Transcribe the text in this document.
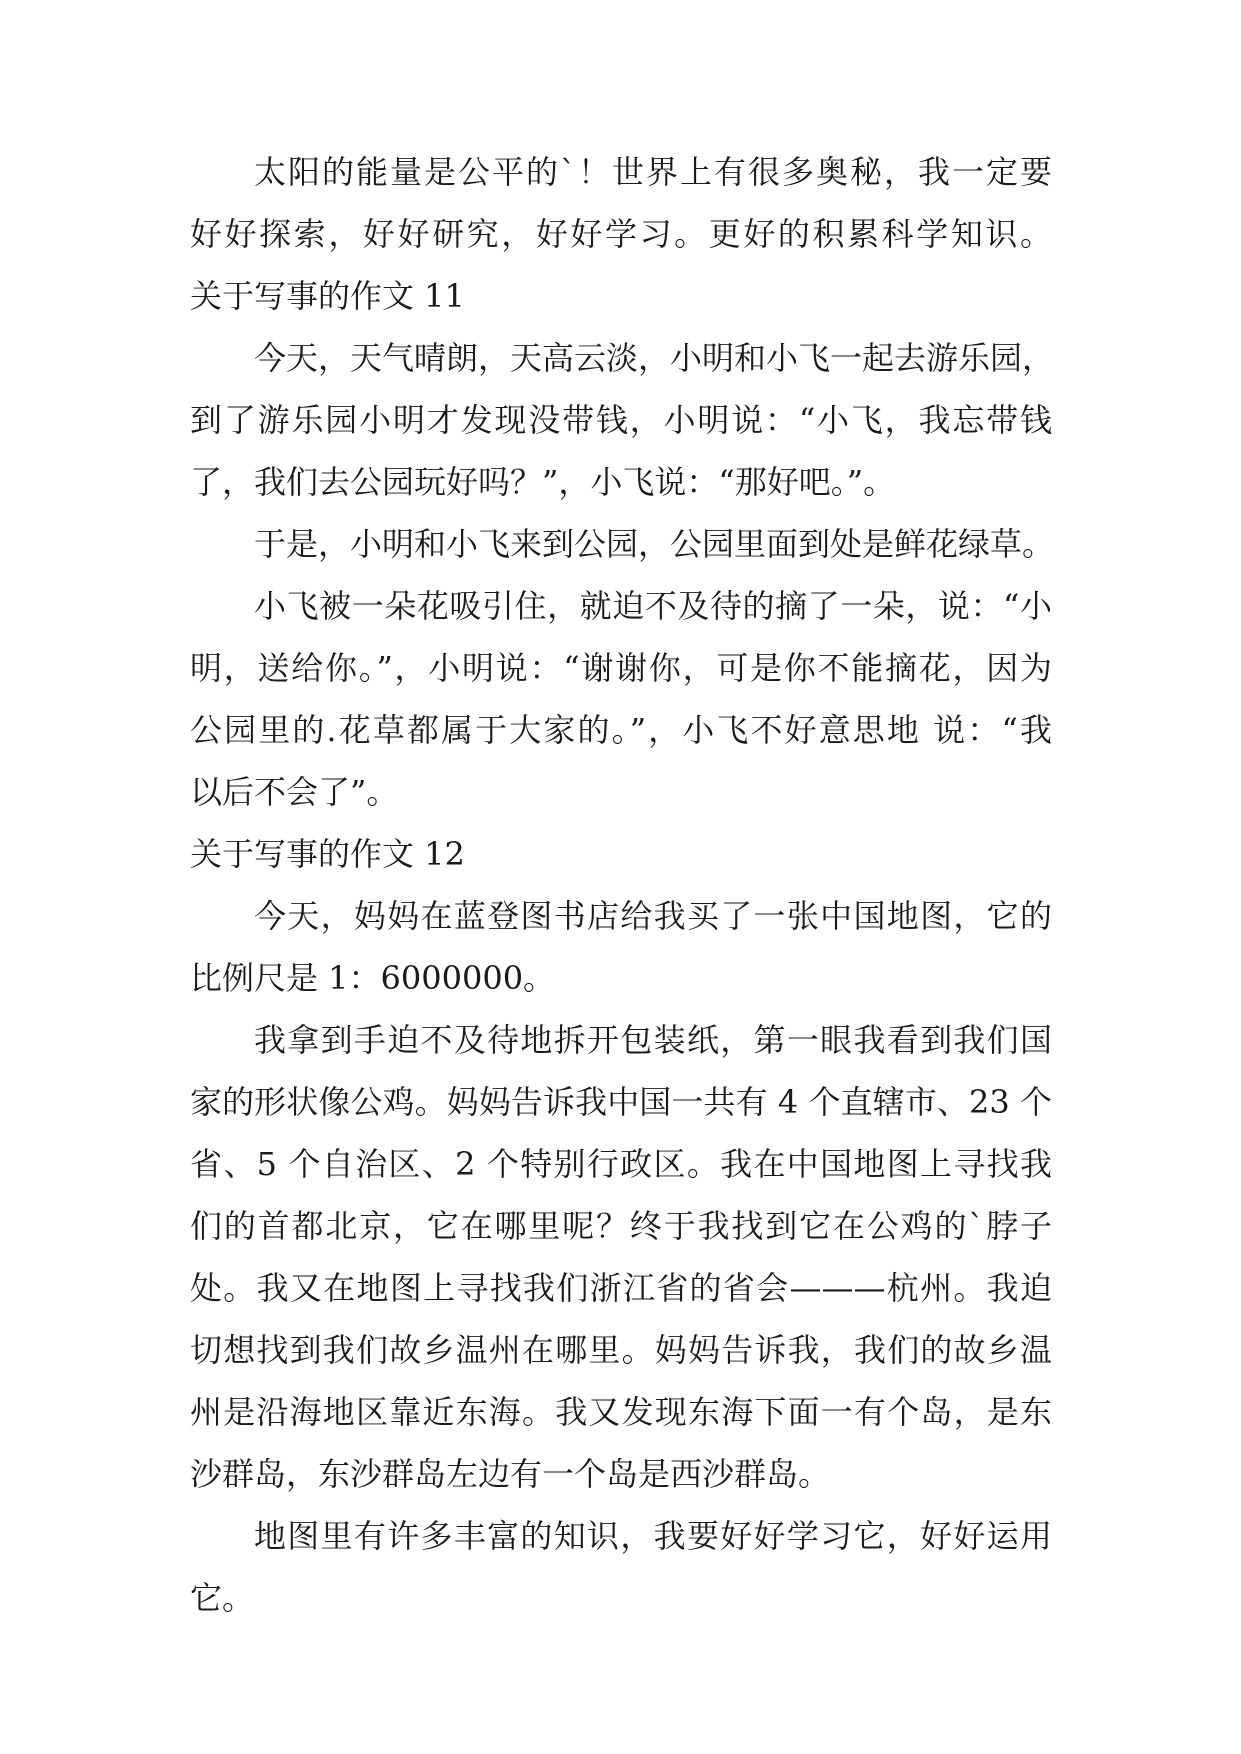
太阳的能量是公平的`！世界上有很多奥秘，我一定要
好好探索，好好研究，好好学习。更好的积累科学知识。
关于写事的作文 11
今天，天气晴朗，天高云淡，小明和小飞一起去游乐园，
到了游乐园小明才发现没带钱，小明说：“小飞，我忘带钱
了，我们去公园玩好吗？”，小飞说：“那好吧。”。
于是，小明和小飞来到公园，公园里面到处是鲜花绿草。
小飞被一朵花吸引住，就迫不及待的摘了一朵，说：“小
明，送给你。”，小明说：“谢谢你，可是你不能摘花，因为
公园里的.花草都属于大家的。”，小飞不好意思地 说：“我
以后不会了”。
关于写事的作文 12
今天，妈妈在蓝登图书店给我买了一张中国地图，它的
比例尺是 1：6000000。
我拿到手迫不及待地拆开包装纸，第一眼我看到我们国
家的形状像公鸡。妈妈告诉我中国一共有 4 个直辖市、23 个
省、5 个自治区、2 个特别行政区。我在中国地图上寻找我
们的首都北京，它在哪里呢？终于我找到它在公鸡的`脖子
处。我又在地图上寻找我们浙江省的省会———杭州。我迫
切想找到我们故乡温州在哪里。妈妈告诉我，我们的故乡温
州是沿海地区靠近东海。我又发现东海下面一有个岛，是东
沙群岛，东沙群岛左边有一个岛是西沙群岛。
地图里有许多丰富的知识，我要好好学习它，好好运用
它。
